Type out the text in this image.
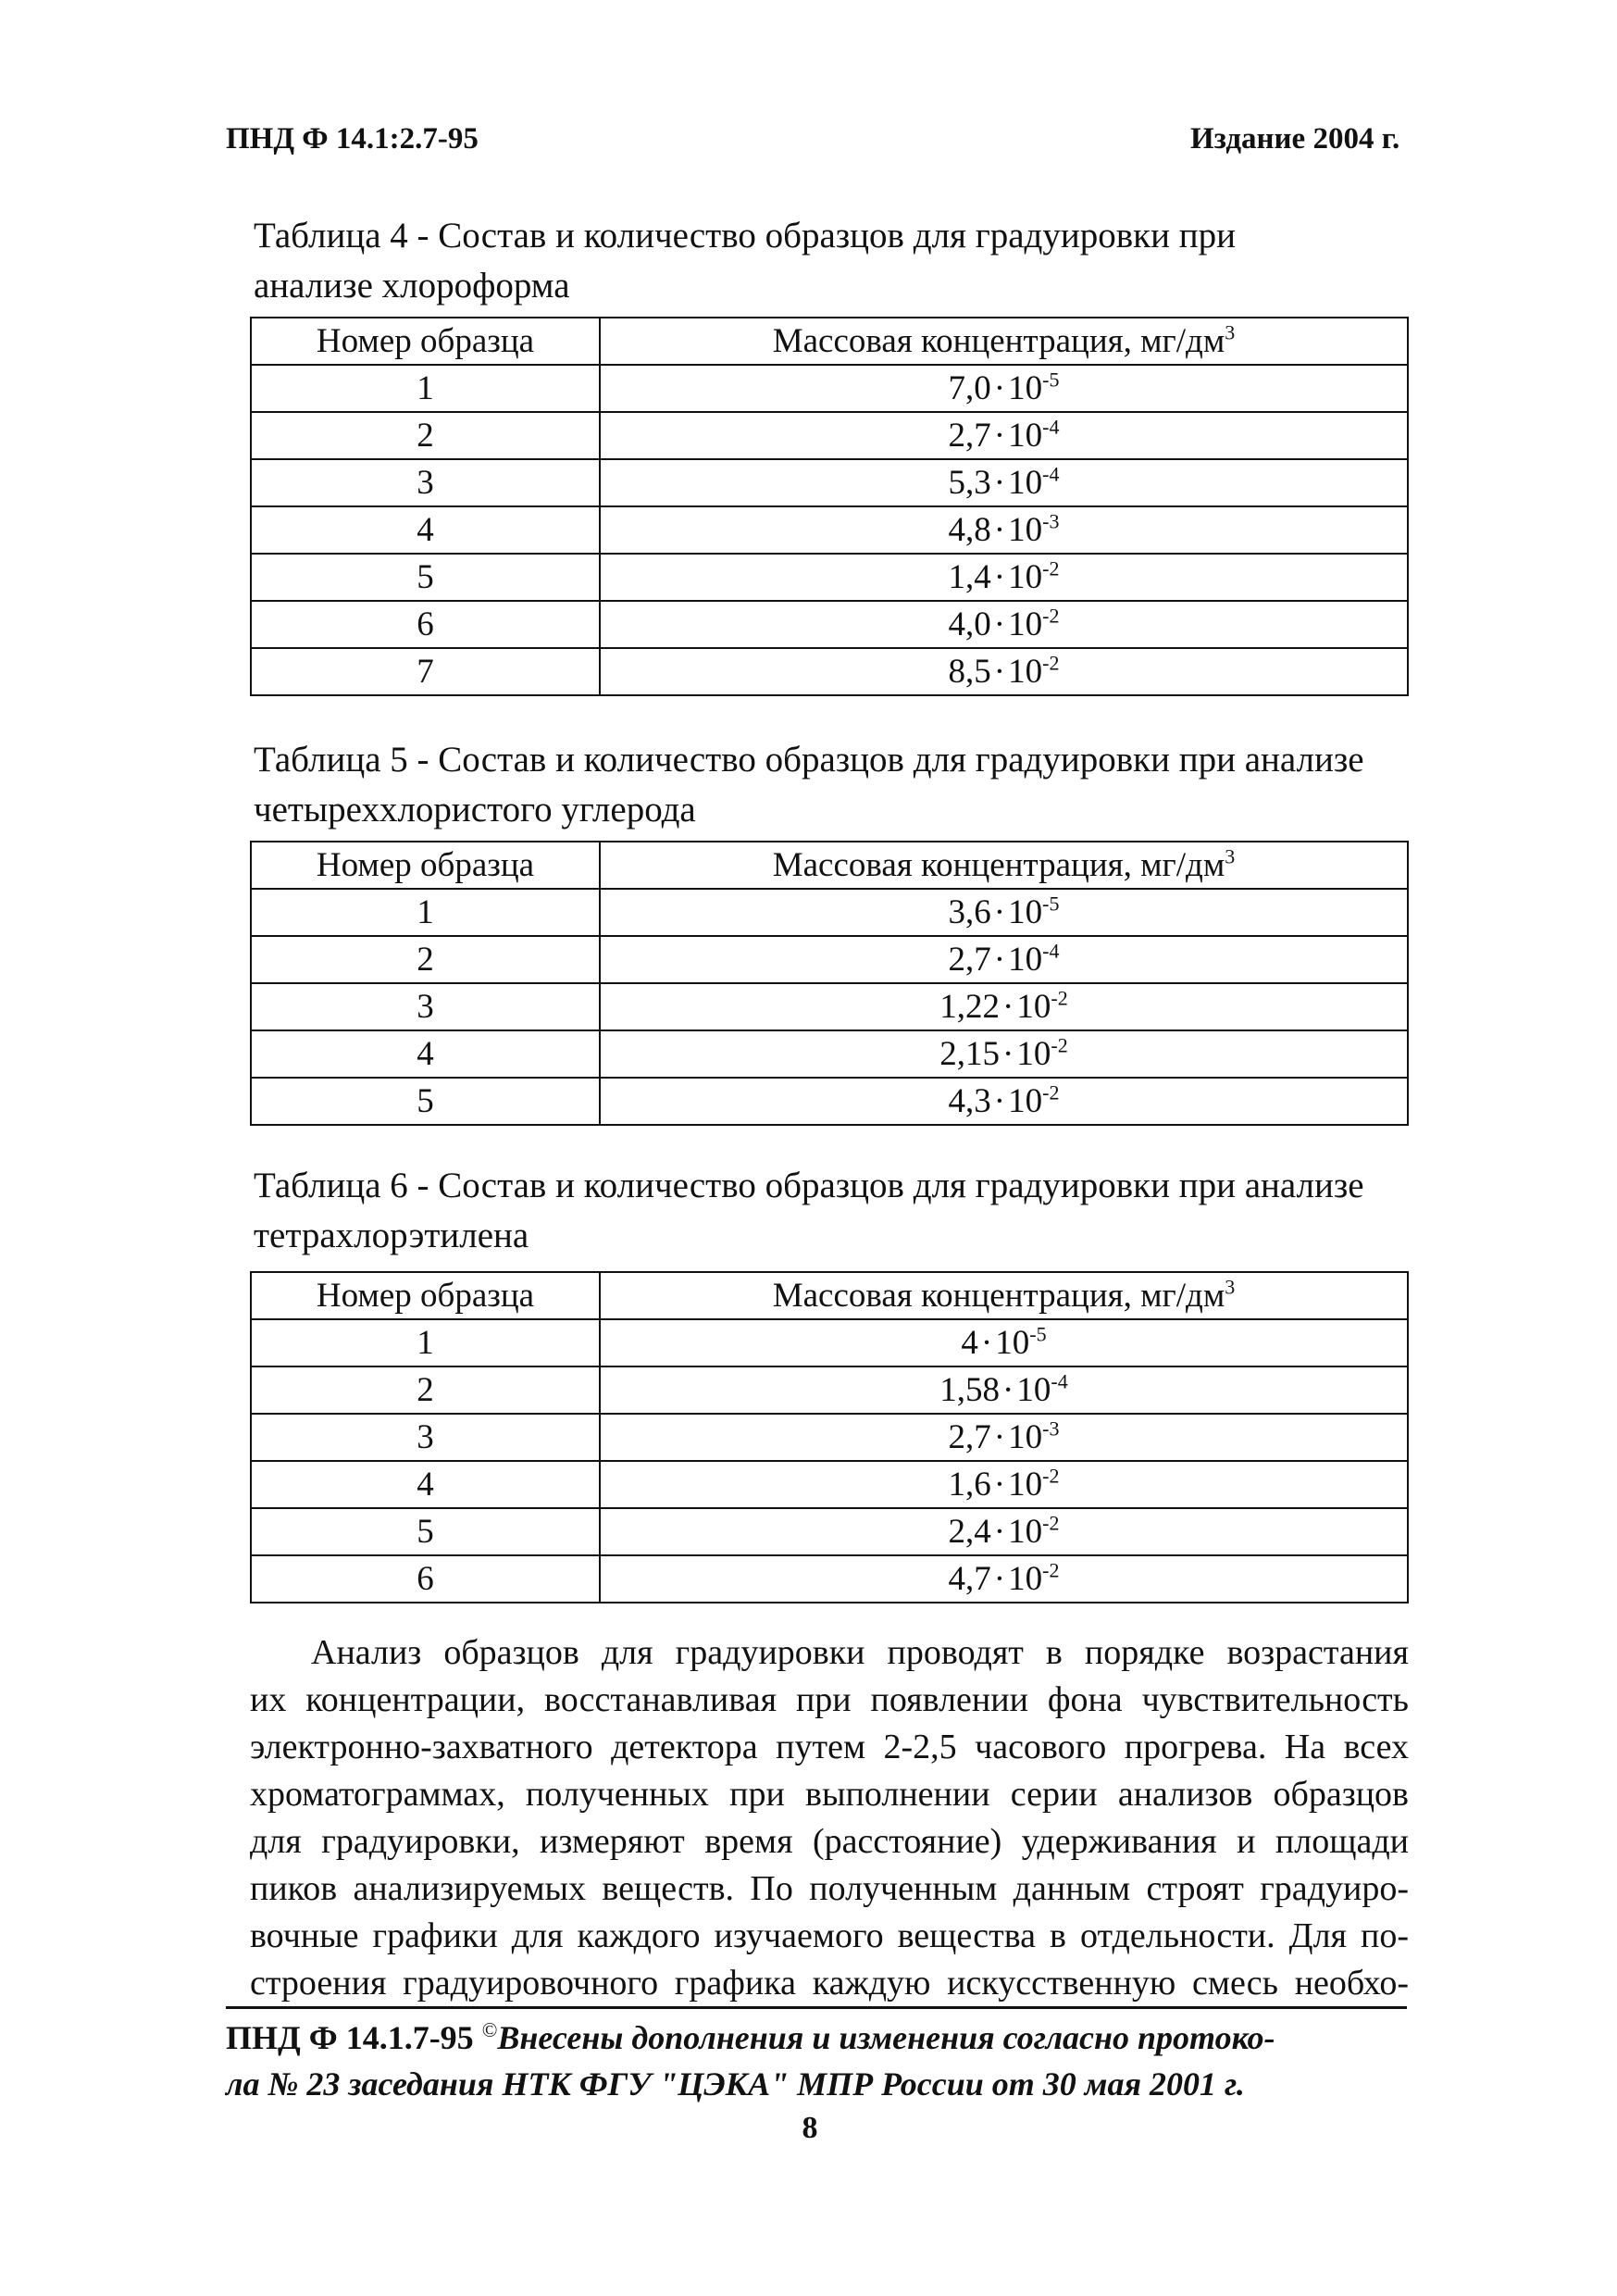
ПНД Ф 14.1:2.7-95	Издание 2004 г.
Таблица 4 - Состав и количество образцов для градуировки при
анализе хлороформа
Номер образца	Массовая концентрация, $мг/дм^3$
1	$7,0\cdot 10^{-5}$
2	$2,7\cdot 10^{-4}$
3	$5,3\cdot 10^{-4}$
4	$4,8\cdot 10^{-3}$
5	$1,4\cdot 10^{-2}$
6	$4,0\cdot 10^{-2}$
7	$8,5\cdot 10^{-2}$
Таблица 5 - Состав и количество образцов для градуировки при анализе
четыреххлористого углерода
Номер образца	Массовая концентрация, $мг/дм^3$
1	$3,6\cdot 10^{-5}$
2	$2,7\cdot 10^{-4}$
3	$1,22\cdot 10^{-2}$
4	$2,15\cdot 10^{-2}$
5	$4,3\cdot 10^{-2}$
Таблица 6 - Состав и количество образцов для градуировки при анализе
тетрахлорэтилена
Номер образца	Массовая концентрация, $мг/дм^3$
1	$4\cdot 10^{-5}$
2	$1,58\cdot 10^{-4}$
3	$2,7\cdot 10^{-3}$
4	$1,6\cdot 10^{-2}$
5	$2,4\cdot 10^{-2}$
6	$4,7\cdot 10^{-2}$
Анализ образцов для градуировки проводят в порядке возрастания
их концентрации, восстанавливая при появлении фона чувствительность
электронно-захватного детектора путем 2-2,5 часового прогрева. На всех
хроматограммах, полученных при выполнении серии анализов образцов
для градуировки, измеряют время (расстояние) удерживания и площади
пиков анализируемых веществ. По полученным данным строят градуиро-
вочные графики для каждого изучаемого вещества в отдельности. Для по-
строения градуировочного графика каждую искусственную смесь необхо-
ПНД Ф 14.1.7-95 ©Внесены дополнения и изменения согласно протоко-
ла № 23 заседания НТК ФГУ "ЦЭКА" МПР России от 30 мая 2001 г.
8
